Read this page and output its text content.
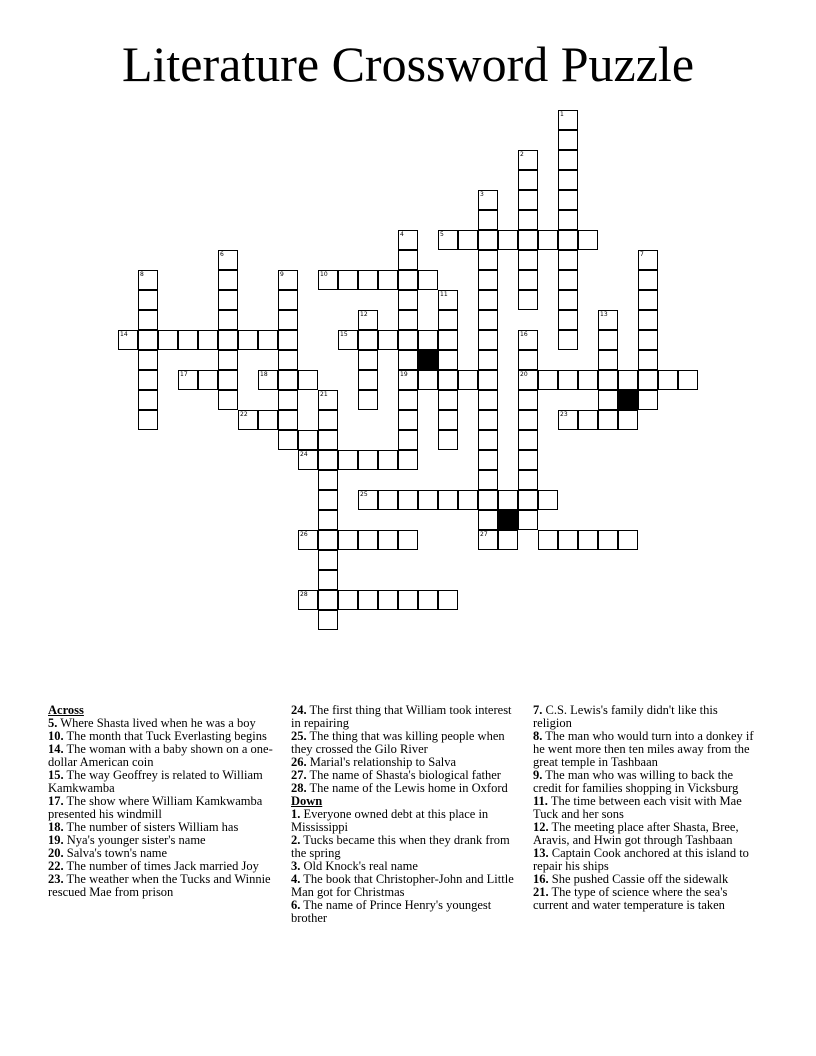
Literature Crossword Puzzle
1
2
3
4
19
5
6	7
8	9	10
11
12	13
14	15	16
20
17	18
21
22	23
24
25
26
28
27

Across

5. Where Shasta lived when he was a boy

10. The month that Tuck Everlasting begins

14. The woman with a baby shown on a one-dollar American coin

15. The way Geoffrey is related to William Kamkwamba

17. The show where William Kamkwamba presented his windmill

18. The number of sisters William has

19. Nya's younger sister's name

20. Salva's town's name

22. The number of times Jack married Joy

23. The weather when the Tucks and Winnie rescued Mae from prison

24. The first thing that William took interest in repairing

25. The thing that was killing people when they crossed the Gilo River

26. Marial's relationship to Salva

27. The name of Shasta's biological father

28. The name of the Lewis home in Oxford

Down

1. Everyone owned debt at this place in Mississippi

2. Tucks became this when they drank from the spring

3. Old Knock's real name

4. The book that Christopher-John and Little Man got for Christmas

6. The name of Prince Henry's youngest brother

7. C.S. Lewis's family didn't like this religion

8. The man who would turn into a donkey if he went more then ten miles away from the great temple in Tashbaan

9. The man who was willing to back the credit for families shopping in Vicksburg

11. The time between each visit with Mae Tuck and her sons

12. The meeting place after Shasta, Bree, Aravis, and Hwin got through Tashbaan

13. Captain Cook anchored at this island to repair his ships

16. She pushed Cassie off the sidewalk

21. The type of science where the sea's current and water temperature is taken
